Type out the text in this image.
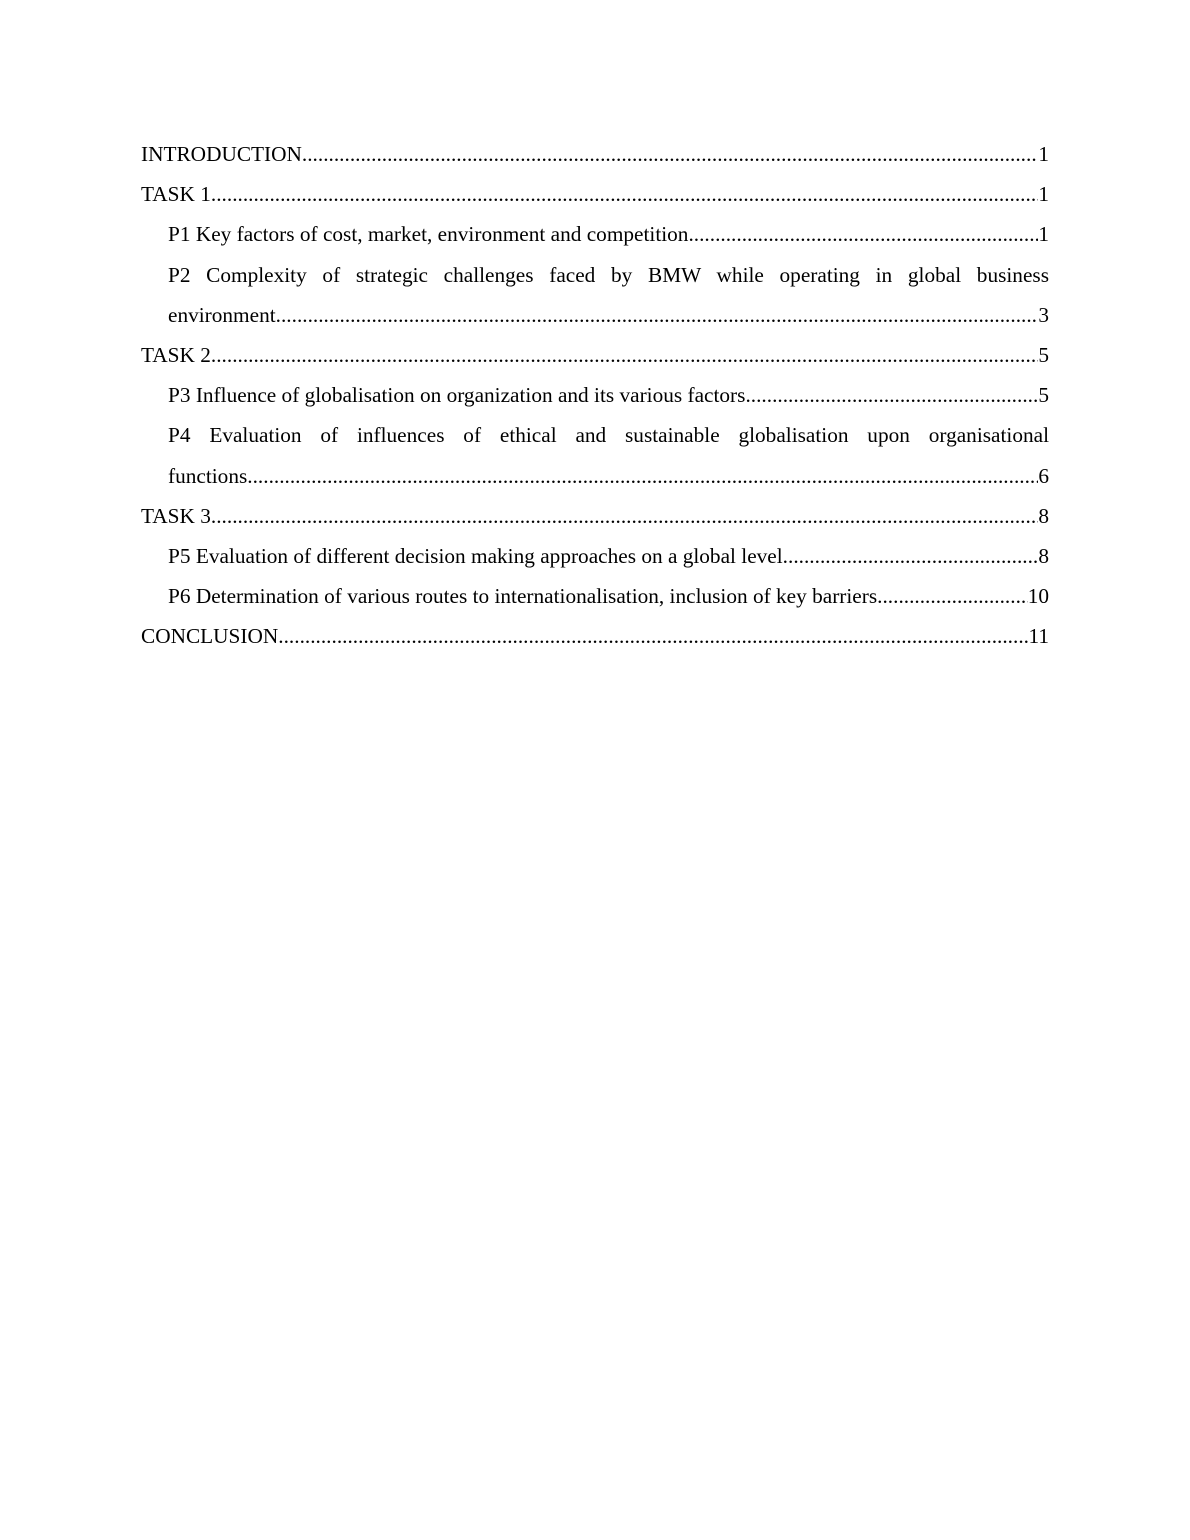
INTRODUCTION .....	1
TASK 1 .....	1
P1 Key factors of cost, market, environment and competition .....	1
P2 Complexity of strategic challenges faced by BMW while operating in global business
environment .....	3
TASK 2 .....	5
P3 Influence of globalisation on organization and its various factors .....	5
P4 Evaluation of influences of ethical and sustainable globalisation upon organisational
functions .....	6
TASK 3 .....	8
P5 Evaluation of different decision making approaches on a global level .....	8
P6 Determination of various routes to internationalisation, inclusion of key barriers .....	10
CONCLUSION .....	11
